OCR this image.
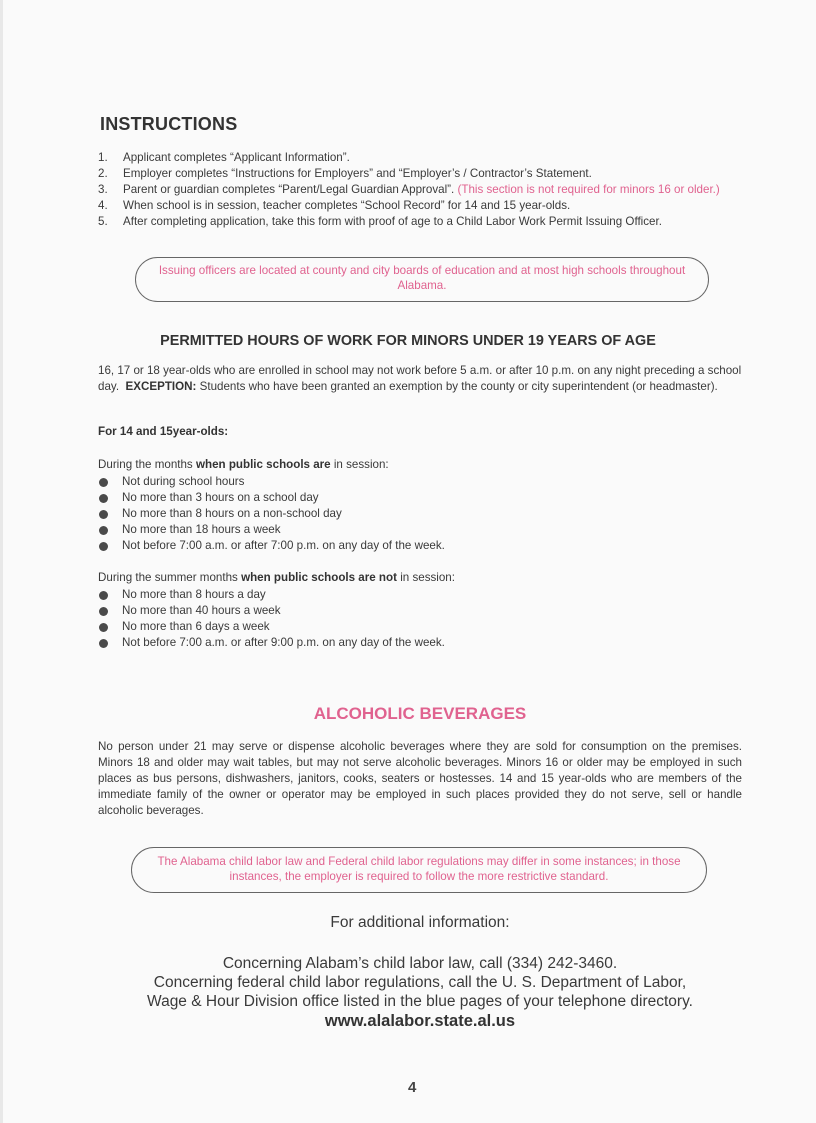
INSTRUCTIONS
1.	Applicant completes “Applicant Information”.
2.	Employer completes “Instructions for Employers” and “Employer’s / Contractor’s Statement.
3.	Parent or guardian completes “Parent/Legal Guardian Approval”. (This section is not required for minors 16 or older.)
4.	When school is in session, teacher completes “School Record” for 14 and 15 year-olds.
5.	After completing application, take this form with proof of age to a Child Labor Work Permit Issuing Officer.
Issuing officers are located at county and city boards of education and at most high schools throughout Alabama.
PERMITTED HOURS OF WORK FOR MINORS UNDER 19 YEARS OF AGE
16, 17 or 18 year-olds who are enrolled in school may not work before 5 a.m. or after 10 p.m. on any night preceding a school day. EXCEPTION: Students who have been granted an exemption by the county or city superintendent (or headmaster).
For 14 and 15year-olds:
During the months when public schools are in session:
Not during school hours
No more than 3 hours on a school day
No more than 8 hours on a non-school day
No more than 18 hours a week
Not before 7:00 a.m. or after 7:00 p.m. on any day of the week.
During the summer months when public schools are not in session:
No more than 8 hours a day
No more than 40 hours a week
No more than 6 days a week
Not before 7:00 a.m. or after 9:00 p.m. on any day of the week.
ALCOHOLIC BEVERAGES
No person under 21 may serve or dispense alcoholic beverages where they are sold for consumption on the premises. Minors 18 and older may wait tables, but may not serve alcoholic beverages. Minors 16 or older may be employed in such places as bus persons, dishwashers, janitors, cooks, seaters or hostesses. 14 and 15 year-olds who are members of the immediate family of the owner or operator may be employed in such places provided they do not serve, sell or handle alcoholic beverages.
The Alabama child labor law and Federal child labor regulations may differ in some instances; in those instances, the employer is required to follow the more restrictive standard.
For additional information:
Concerning Alabam’s child labor law, call (334) 242-3460.
Concerning federal child labor regulations, call the U. S. Department of Labor,
Wage & Hour Division office listed in the blue pages of your telephone directory.
www.alalabor.state.al.us
4
